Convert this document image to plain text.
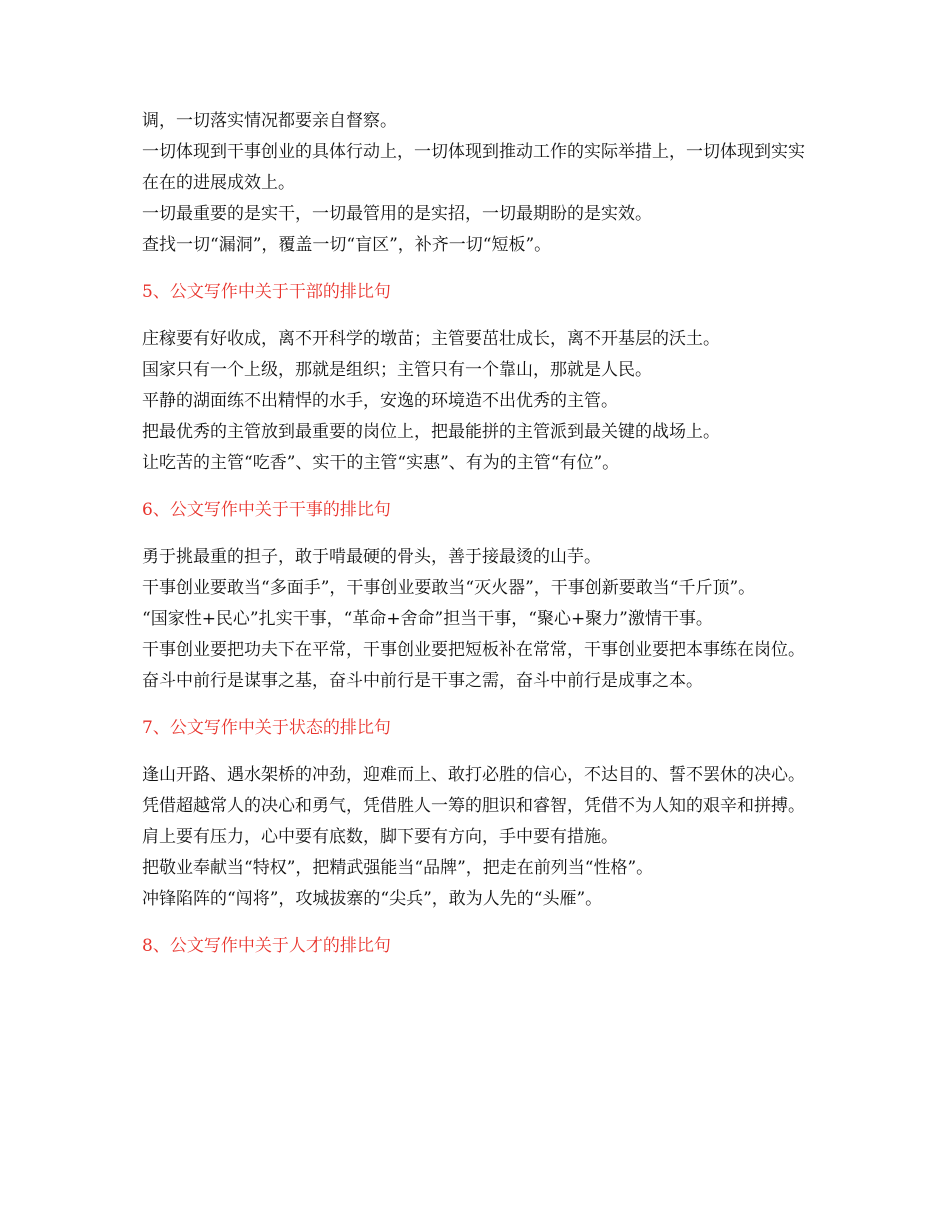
调，一切落实情况都要亲自督察。

一切体现到干事创业的具体行动上，一切体现到推动工作的实际举措上，一切体现到实实在在的进展成效上。

一切最重要的是实干，一切最管用的是实招，一切最期盼的是实效。

查找一切“漏洞”，覆盖一切“盲区”，补齐一切“短板”。

5、公文写作中关于干部的排比句

庄稼要有好收成，离不开科学的墩苗；主管要茁壮成长，离不开基层的沃土。

国家只有一个上级，那就是组织；主管只有一个靠山，那就是人民。

平静的湖面练不出精悍的水手，安逸的环境造不出优秀的主管。

把最优秀的主管放到最重要的岗位上，把最能拼的主管派到最关键的战场上。

让吃苦的主管“吃香”、实干的主管“实惠”、有为的主管“有位”。

6、公文写作中关于干事的排比句

勇于挑最重的担子，敢于啃最硬的骨头，善于接最烫的山芋。

干事创业要敢当“多面手”，干事创业要敢当“灭火器”，干事创新要敢当“千斤顶”。

“国家性+民心”扎实干事，“革命+舍命”担当干事，“聚心+聚力”激情干事。

干事创业要把功夫下在平常，干事创业要把短板补在常常，干事创业要把本事练在岗位。

奋斗中前行是谋事之基，奋斗中前行是干事之需，奋斗中前行是成事之本。

7、公文写作中关于状态的排比句

逢山开路、遇水架桥的冲劲，迎难而上、敢打必胜的信心，不达目的、誓不罢休的决心。

凭借超越常人的决心和勇气，凭借胜人一筹的胆识和睿智，凭借不为人知的艰辛和拼搏。

肩上要有压力，心中要有底数，脚下要有方向，手中要有措施。

把敬业奉献当“特权”，把精武强能当“品牌”，把走在前列当“性格”。

冲锋陷阵的“闯将”，攻城拔寨的“尖兵”，敢为人先的“头雁”。

8、公文写作中关于人才的排比句
